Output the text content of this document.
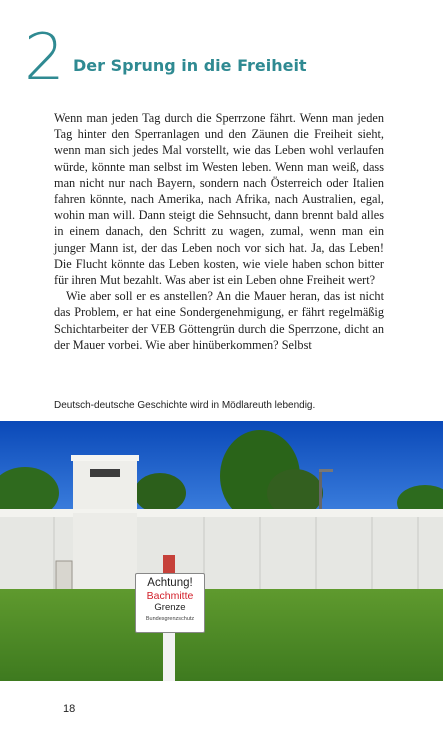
2 Der Sprung in die Freiheit

Wenn man jeden Tag durch die Sperrzone fährt. Wenn man jeden Tag hinter den Sperranlagen und den Zäunen die Freiheit sieht, wenn man sich jedes Mal vorstellt, wie das Leben wohl verlaufen würde, könnte man selbst im Westen leben. Wenn man weiß, dass man nicht nur nach Bayern, sondern nach Österreich oder Italien fahren könnte, nach Amerika, nach Afrika, nach Australien, egal, wohin man will. Dann steigt die Sehnsucht, dann brennt bald alles in einem danach, den Schritt zu wagen, zumal, wenn man ein junger Mann ist, der das Leben noch vor sich hat. Ja, das Leben! Die Flucht könnte das Leben kosten, wie viele haben schon bitter für ihren Mut bezahlt. Was aber ist ein Leben ohne Freiheit wert?

Wie aber soll er es anstellen? An die Mauer heran, das ist nicht das Problem, er hat eine Sondergenehmigung, er fährt regelmäßig Schichtarbeiter der VEB Göttengrün durch die Sperrzone, dicht an der Mauer vorbei. Wie aber hinüberkommen? Selbst

Deutsch-deutsche Geschichte wird in Mödlareuth lebendig.
Achtung!
Bachmitte
Grenze
Bundesgrenzschutz
18
